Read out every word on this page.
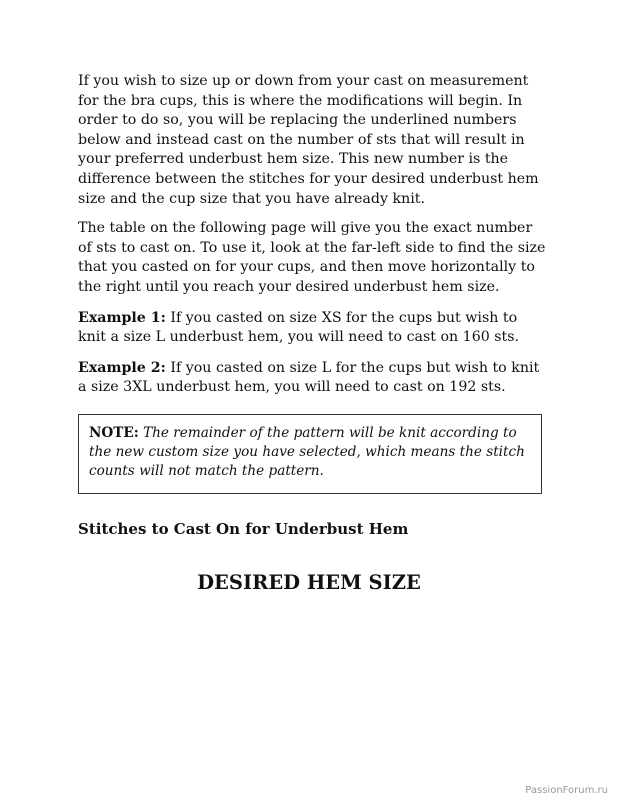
If you wish to size up or down from your cast on measurement for the bra cups, this is where the modifications will begin. In order to do so, you will be replacing the underlined numbers below and instead cast on the number of sts that will result in your preferred underbust hem size. This new number is the difference between the stitches for your desired underbust hem size and the cup size that you have already knit.

The table on the following page will give you the exact number of sts to cast on. To use it, look at the far-left side to find the size that you casted on for your cups, and then move horizontally to the right until you reach your desired underbust hem size.

Example 1: If you casted on size XS for the cups but wish to knit a size L underbust hem, you will need to cast on 160 sts.

Example 2: If you casted on size L for the cups but wish to knit a size 3XL underbust hem, you will need to cast on 192 sts.

NOTE: The remainder of the pattern will be knit according to the new custom size you have selected, which means the stitch counts will not match the pattern.

Stitches to Cast On for Underbust Hem
DESIRED HEM SIZE
PassionForum.ru
